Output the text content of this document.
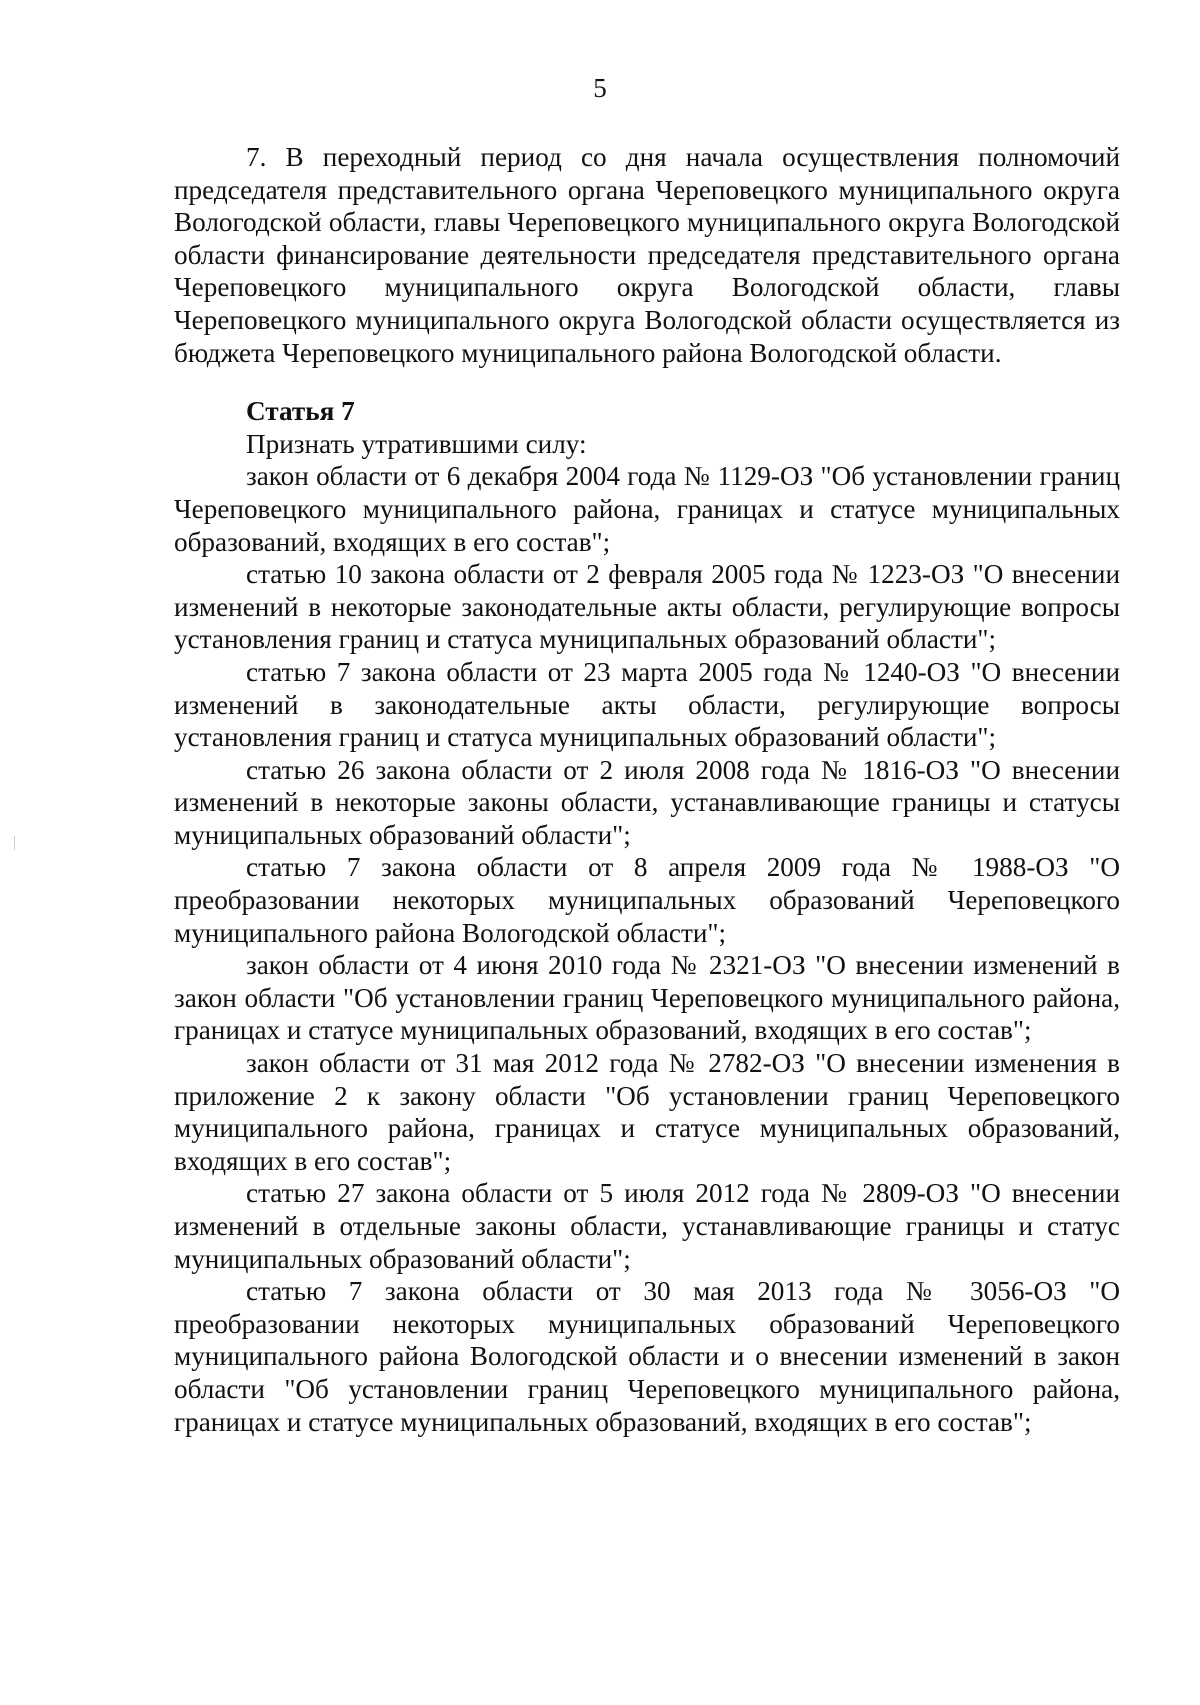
5

7. В переходный период со дня начала осуществления полномочий председателя представительного органа Череповецкого муниципального округа Вологодской области, главы Череповецкого муниципального округа Вологодской области финансирование деятельности председателя представительного органа Череповецкого муниципального округа Вологодской области, главы Череповецкого муниципального округа Вологодской области осуществляется из бюджета Череповецкого муниципального района Вологодской области.

Статья 7

Признать утратившими силу:

закон области от 6 декабря 2004 года № 1129-ОЗ "Об установлении границ Череповецкого муниципального района, границах и статусе муниципальных образований, входящих в его состав";

статью 10 закона области от 2 февраля 2005 года № 1223-ОЗ "О внесении изменений в некоторые законодательные акты области, регулирующие вопросы установления границ и статуса муниципальных образований области";

статью 7 закона области от 23 марта 2005 года № 1240-ОЗ "О внесении изменений в законодательные акты области, регулирующие вопросы установления границ и статуса муниципальных образований области";

статью 26 закона области от 2 июля 2008 года № 1816-ОЗ "О внесении изменений в некоторые законы области, устанавливающие границы и статусы муниципальных образований области";

статью 7 закона области от 8 апреля 2009 года № 1988-ОЗ "О преобразовании некоторых муниципальных образований Череповецкого муниципального района Вологодской области";

закон области от 4 июня 2010 года № 2321-ОЗ "О внесении изменений в закон области "Об установлении границ Череповецкого муниципального района, границах и статусе муниципальных образований, входящих в его состав";

закон области от 31 мая 2012 года № 2782-ОЗ "О внесении изменения в приложение 2 к закону области "Об установлении границ Череповецкого муниципального района, границах и статусе муниципальных образований, входящих в его состав";

статью 27 закона области от 5 июля 2012 года № 2809-ОЗ "О внесении изменений в отдельные законы области, устанавливающие границы и статус муниципальных образований области";

статью 7 закона области от 30 мая 2013 года № 3056-ОЗ "О преобразовании некоторых муниципальных образований Череповецкого муниципального района Вологодской области и о внесении изменений в закон области "Об установлении границ Череповецкого муниципального района, границах и статусе муниципальных образований, входящих в его состав";
